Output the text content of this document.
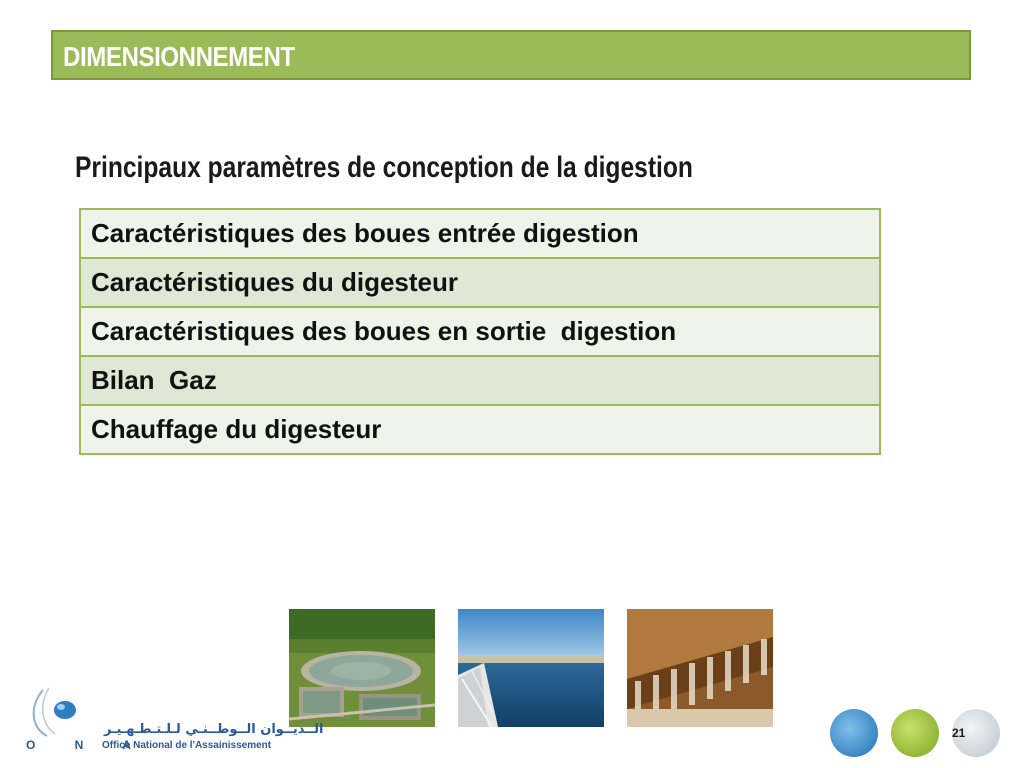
DIMENSIONNEMENT
Principaux paramètres de conception de la digestion
Caractéristiques des boues entrée digestion
Caractéristiques du digesteur
Caractéristiques des boues en sortie  digestion
Bilan  Gaz
Chauffage du digesteur
O N A
الــديــوان الــوطــنـي لـلـتـطـهـيـر
Office National de l'Assainissement
21
